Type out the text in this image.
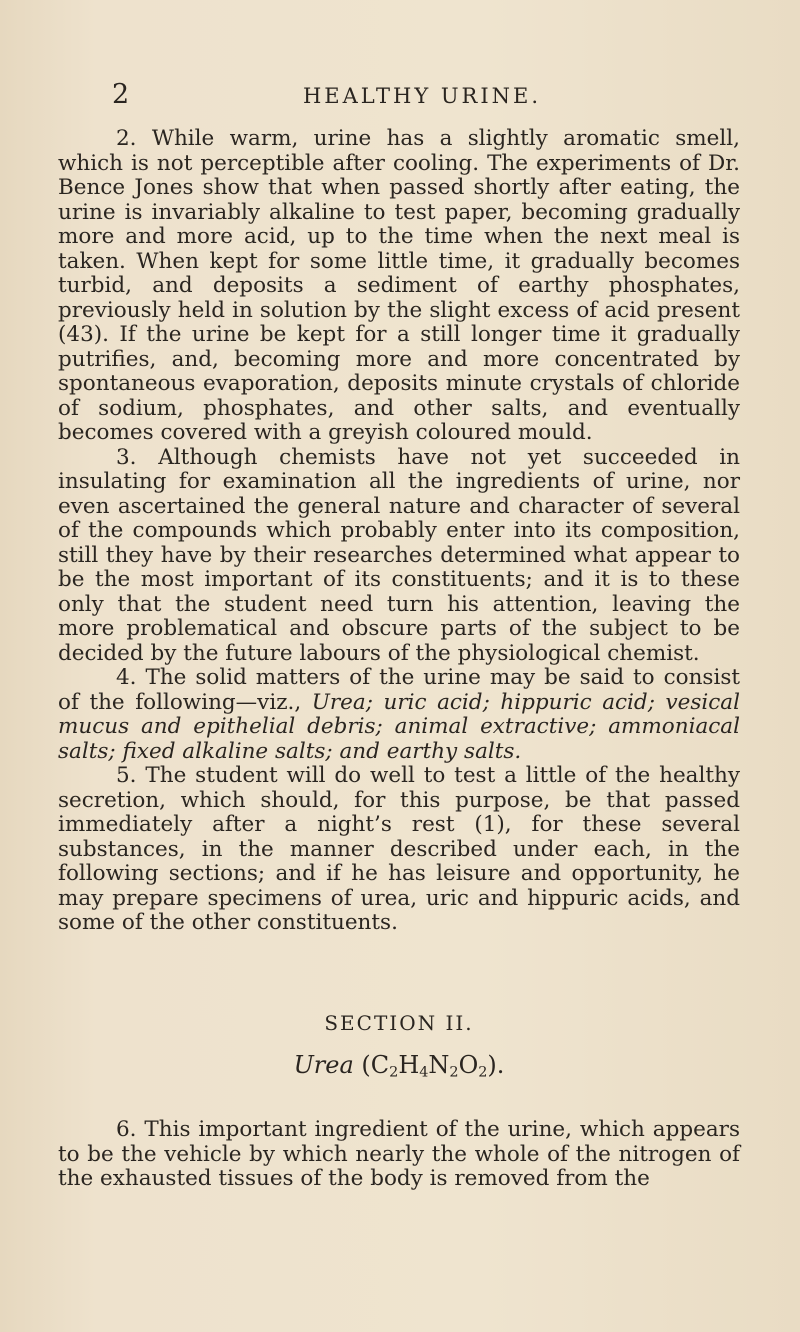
2	HEALTHY URINE.

2. While warm, urine has a slightly aromatic smell, which is not perceptible after cooling. The experiments of Dr. Bence Jones show that when passed shortly after eating, the urine is invariably alkaline to test paper, becoming gradually more and more acid, up to the time when the next meal is taken. When kept for some little time, it gradually becomes turbid, and deposits a sediment of earthy phosphates, previously held in solution by the slight excess of acid present (43). If the urine be kept for a still longer time it gradually putrifies, and, becoming more and more concentrated by spontaneous evaporation, deposits minute crystals of chloride of sodium, phosphates, and other salts, and eventually becomes covered with a greyish coloured mould.

3. Although chemists have not yet succeeded in insulating for examination all the ingredients of urine, nor even ascertained the general nature and character of several of the compounds which probably enter into its composition, still they have by their researches determined what appear to be the most important of its constituents; and it is to these only that the student need turn his attention, leaving the more problematical and obscure parts of the subject to be decided by the future labours of the physiological chemist.

4. The solid matters of the urine may be said to consist of the following—viz., Urea; uric acid; hippuric acid; vesical mucus and epithelial debris; animal extractive; ammoniacal salts; fixed alkaline salts; and earthy salts.

5. The student will do well to test a little of the healthy secretion, which should, for this purpose, be that passed immediately after a night’s rest (1), for these several substances, in the manner described under each, in the following sections; and if he has leisure and opportunity, he may prepare specimens of urea, uric and hippuric acids, and some of the other constituents.

SECTION II.
Urea $(C_2H_4N_2O_2)$.

6. This important ingredient of the urine, which appears to be the vehicle by which nearly the whole of the nitrogen of the exhausted tissues of the body is removed from the
